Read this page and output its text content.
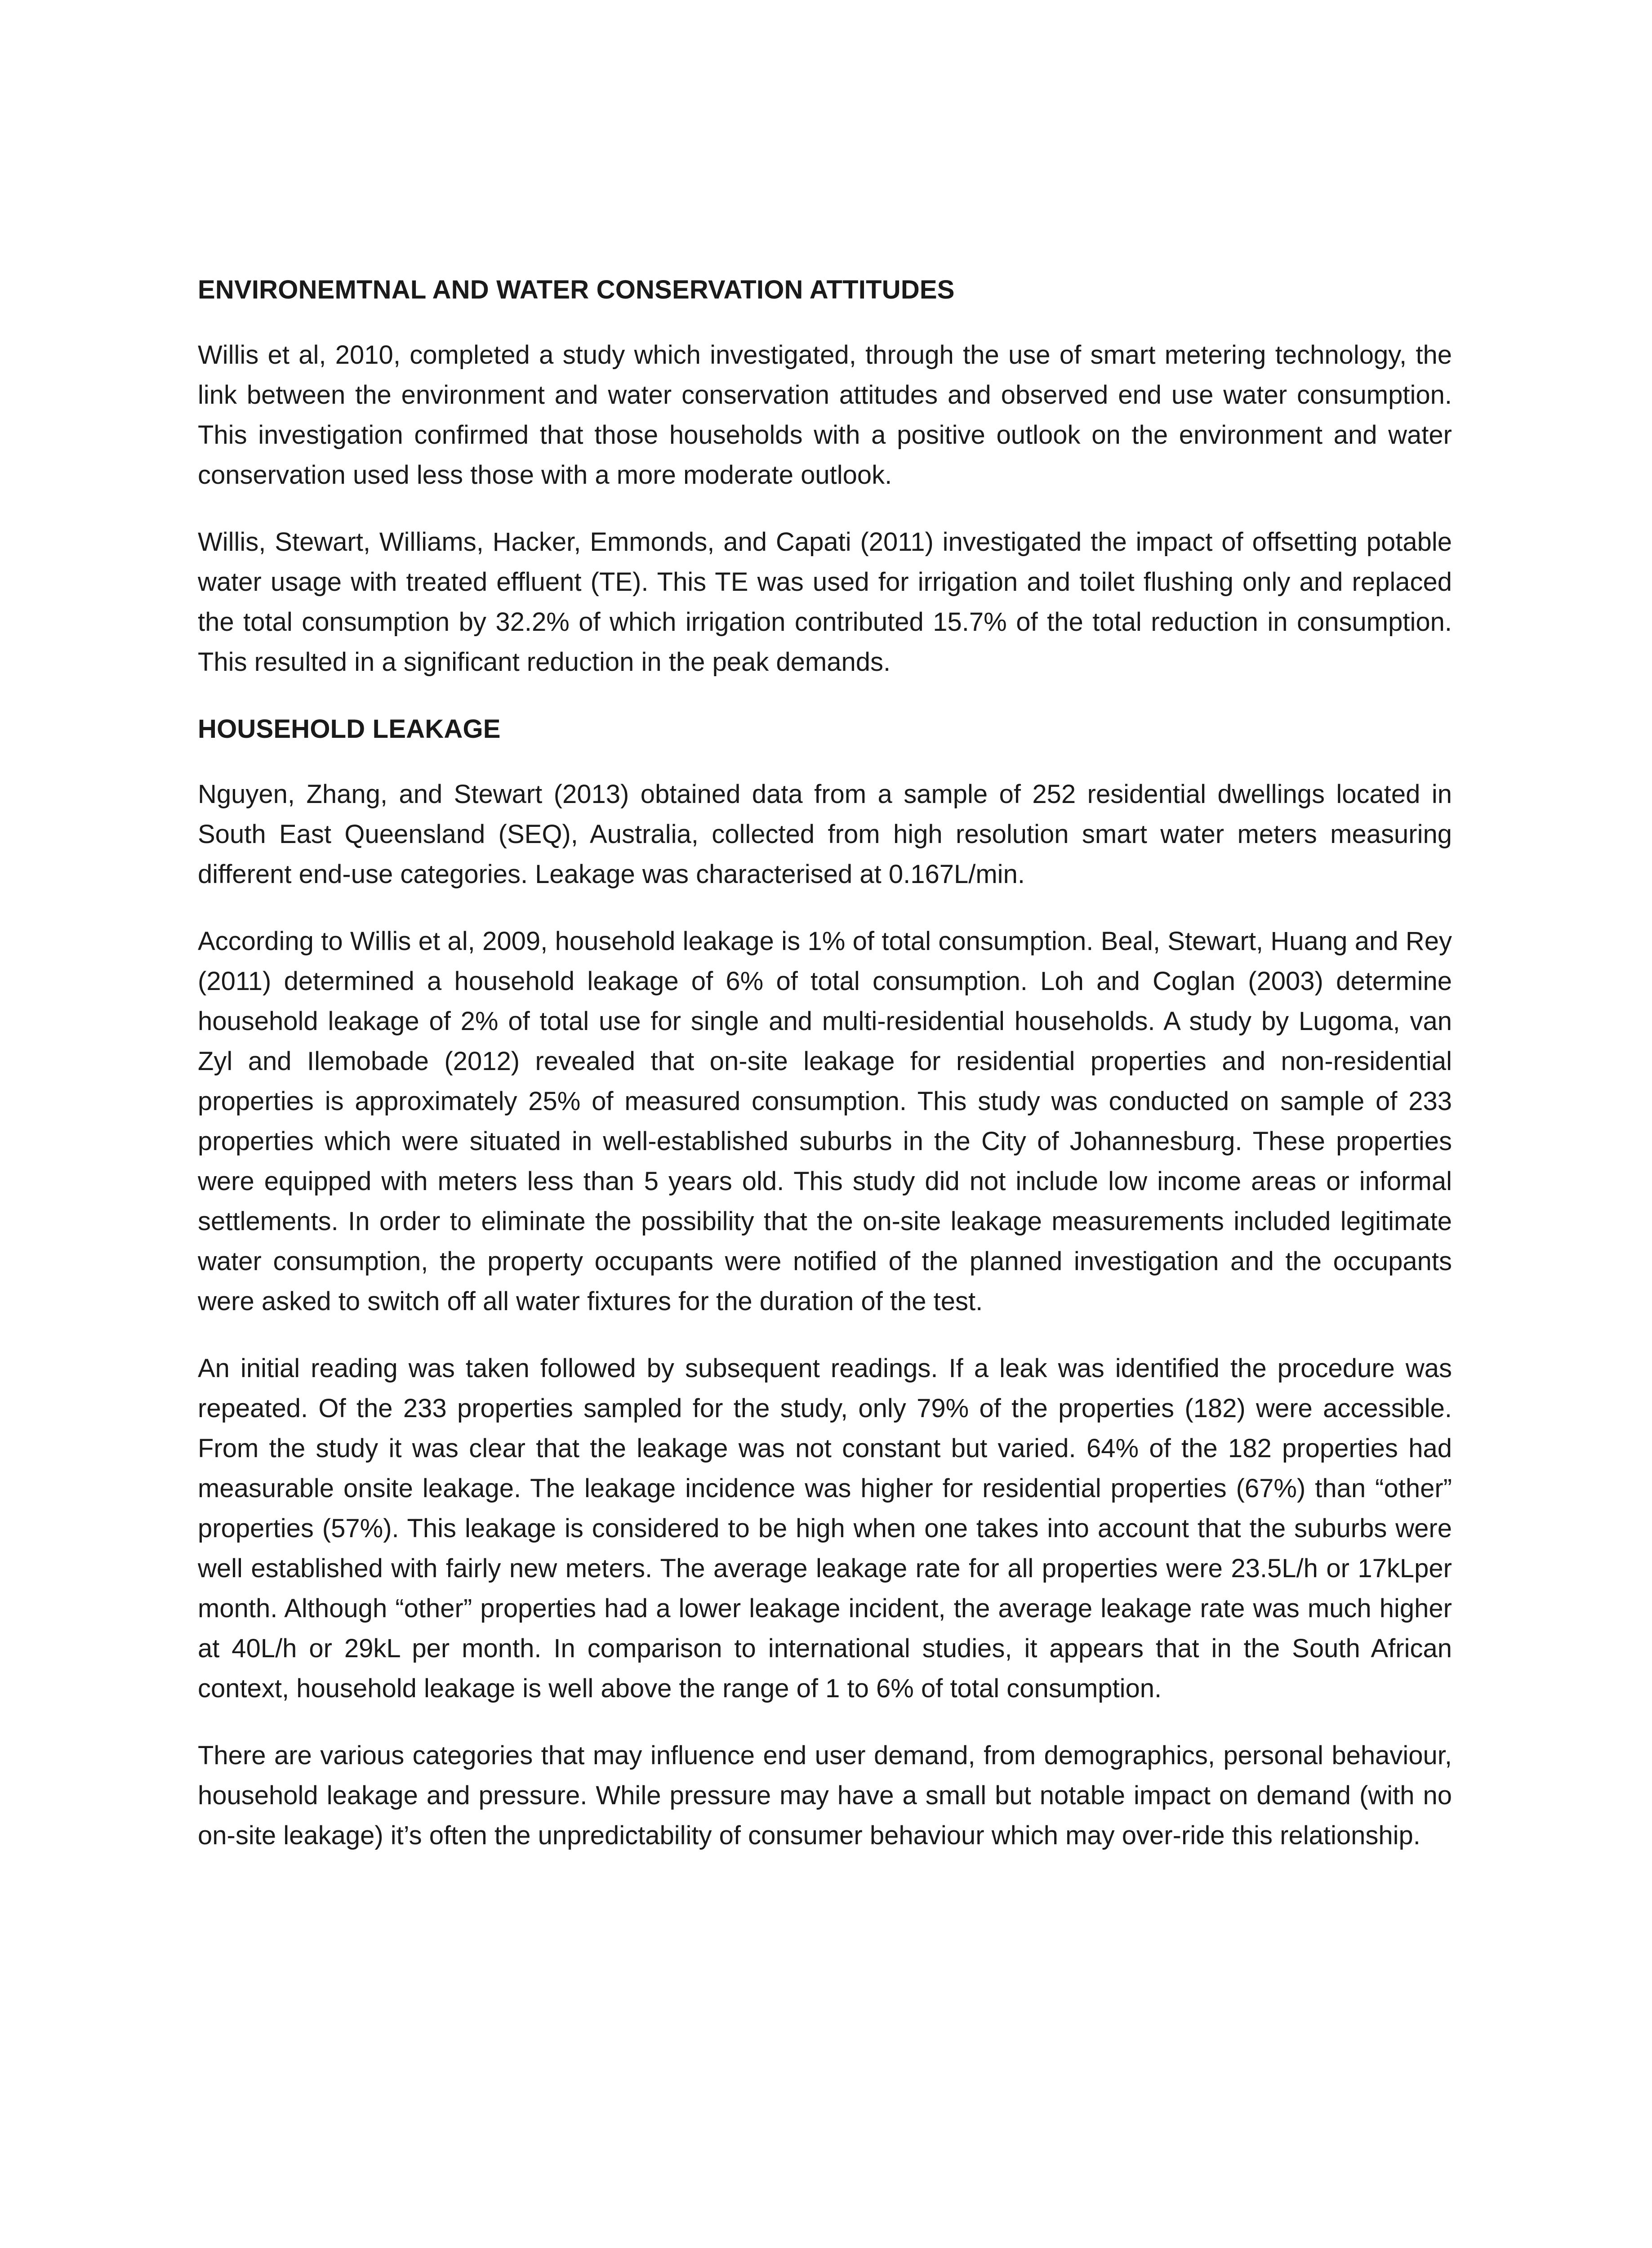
ENVIRONEMTNAL AND WATER CONSERVATION ATTITUDES

Willis et al, 2010, completed a study which investigated, through the use of smart metering technology, the link between the environment and water conservation attitudes and observed end use water consumption. This investigation confirmed that those households with a positive outlook on the environment and water conservation used less those with a more moderate outlook.

Willis, Stewart, Williams, Hacker, Emmonds, and Capati (2011) investigated the impact of offsetting potable water usage with treated effluent (TE). This TE was used for irrigation and toilet flushing only and replaced the total consumption by 32.2% of which irrigation contributed 15.7% of the total reduction in consumption. This resulted in a significant reduction in the peak demands.

HOUSEHOLD LEAKAGE

Nguyen, Zhang, and Stewart (2013) obtained data from a sample of 252 residential dwellings located in South East Queensland (SEQ), Australia, collected from high resolution smart water meters measuring different end-use categories. Leakage was characterised at 0.167L/min.

According to Willis et al, 2009, household leakage is 1% of total consumption. Beal, Stewart, Huang and Rey (2011) determined a household leakage of 6% of total consumption. Loh and Coglan (2003) determine household leakage of 2% of total use for single and multi-residential households. A study by Lugoma, van Zyl and Ilemobade (2012) revealed that on-site leakage for residential properties and non-residential properties is approximately 25% of measured consumption. This study was conducted on sample of 233 properties which were situated in well-established suburbs in the City of Johannesburg. These properties were equipped with meters less than 5 years old. This study did not include low income areas or informal settlements. In order to eliminate the possibility that the on-site leakage measurements included legitimate water consumption, the property occupants were notified of the planned investigation and the occupants were asked to switch off all water fixtures for the duration of the test.

An initial reading was taken followed by subsequent readings. If a leak was identified the procedure was repeated. Of the 233 properties sampled for the study, only 79% of the properties (182) were accessible. From the study it was clear that the leakage was not constant but varied. 64% of the 182 properties had measurable onsite leakage. The leakage incidence was higher for residential properties (67%) than “other” properties (57%). This leakage is considered to be high when one takes into account that the suburbs were well established with fairly new meters. The average leakage rate for all properties were 23.5L/h or 17kLper month. Although “other” properties had a lower leakage incident, the average leakage rate was much higher at 40L/h or 29kL per month. In comparison to international studies, it appears that in the South African context, household leakage is well above the range of 1 to 6% of total consumption.

There are various categories that may influence end user demand, from demographics, personal behaviour, household leakage and pressure. While pressure may have a small but notable impact on demand (with no on-site leakage) it’s often the unpredictability of consumer behaviour which may over-ride this relationship.
